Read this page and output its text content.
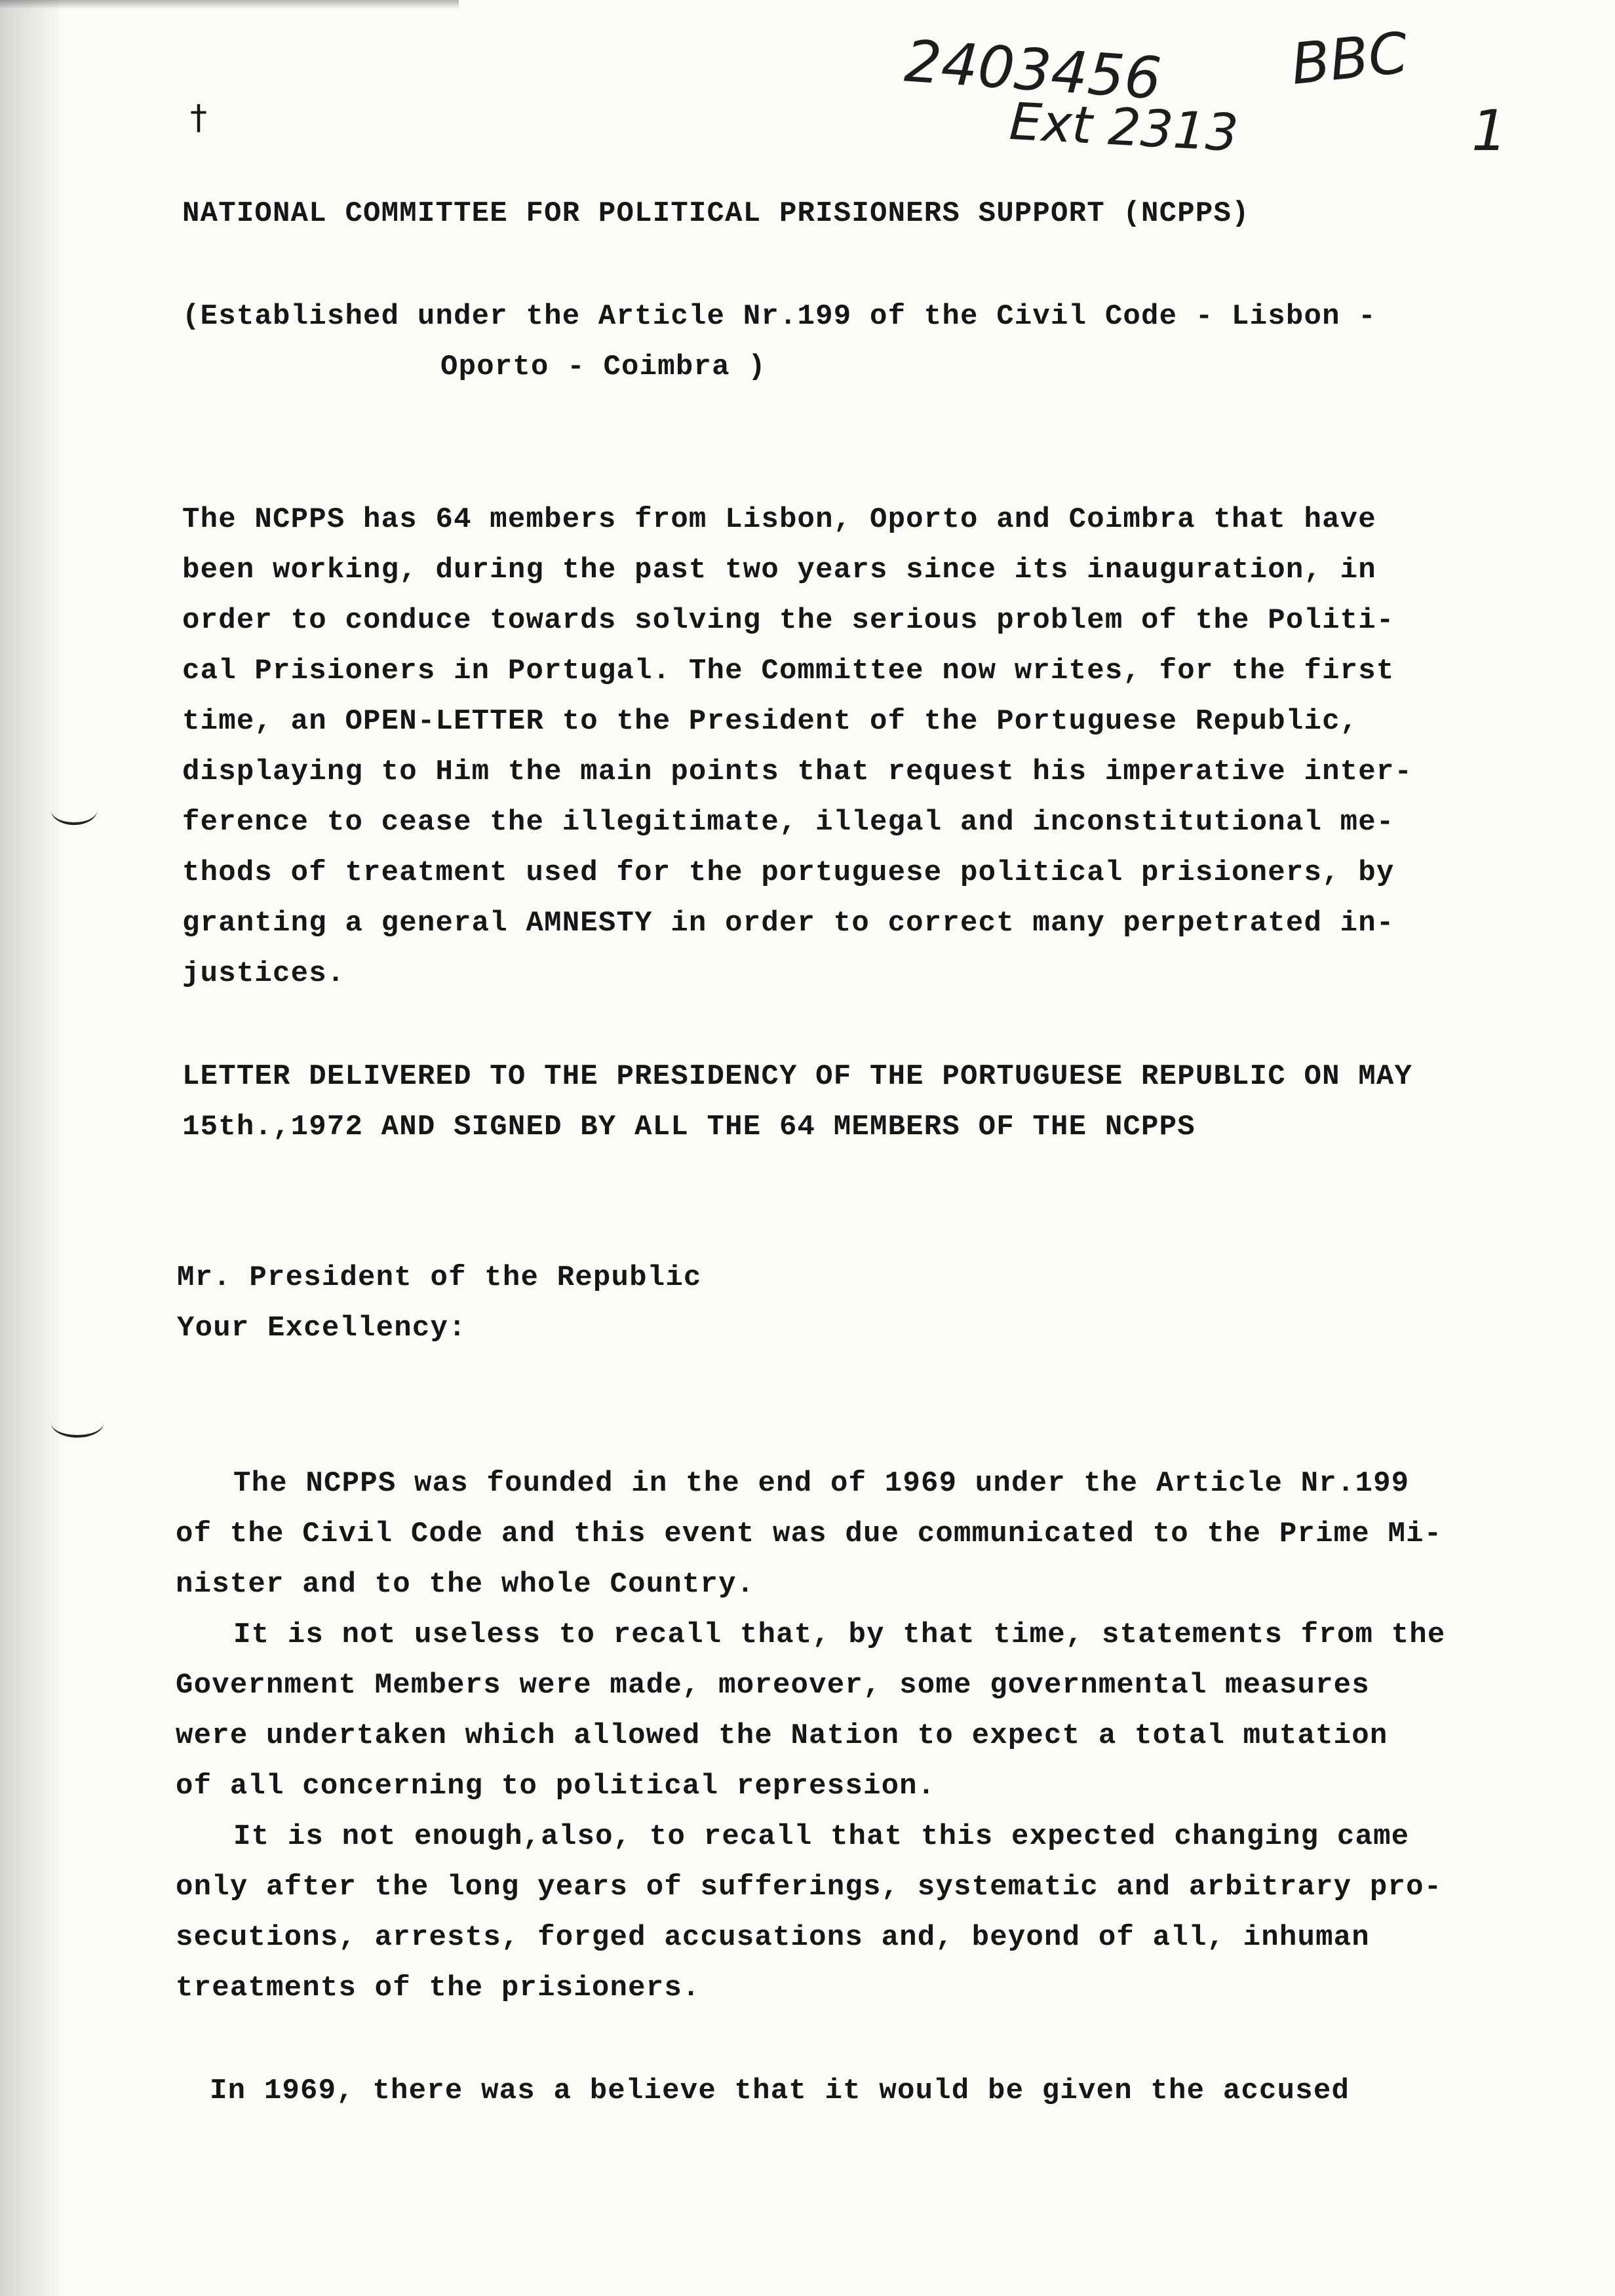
2403456
Ext 2313
BBC
1
†
NATIONAL COMMITTEE FOR POLITICAL PRISIONERS SUPPORT (NCPPS)
(Established under the Article Nr.199 of the Civil Code - Lisbon -
Oporto - Coimbra )
The NCPPS has 64 members from Lisbon, Oporto and Coimbra that have
been working, during the past two years since its inauguration, in
order to conduce towards solving the serious problem of the Politi-
cal Prisioners in Portugal. The Committee now writes, for the first
time, an OPEN-LETTER to the President of the Portuguese Republic,
displaying to Him the main points that request his imperative inter-
ference to cease the illegitimate, illegal and inconstitutional me-
thods of treatment used for the portuguese political prisioners, by
granting a general AMNESTY in order to correct many perpetrated in-
justices.
LETTER DELIVERED TO THE PRESIDENCY OF THE PORTUGUESE REPUBLIC ON MAY
15th.,1972 AND SIGNED BY ALL THE 64 MEMBERS OF THE NCPPS
Mr. President of the Republic
Your Excellency:
The NCPPS was founded in the end of 1969 under the Article Nr.199
of the Civil Code and this event was due communicated to the Prime Mi-
nister and to the whole Country.
It is not useless to recall that, by that time, statements from the
Government Members were made, moreover, some governmental measures
were undertaken which allowed the Nation to expect a total mutation
of all concerning to political repression.
It is not enough,also, to recall that this expected changing came
only after the long years of sufferings, systematic and arbitrary pro-
secutions, arrests, forged accusations and, beyond of all, inhuman
treatments of the prisioners.
In 1969, there was a believe that it would be given the accused
